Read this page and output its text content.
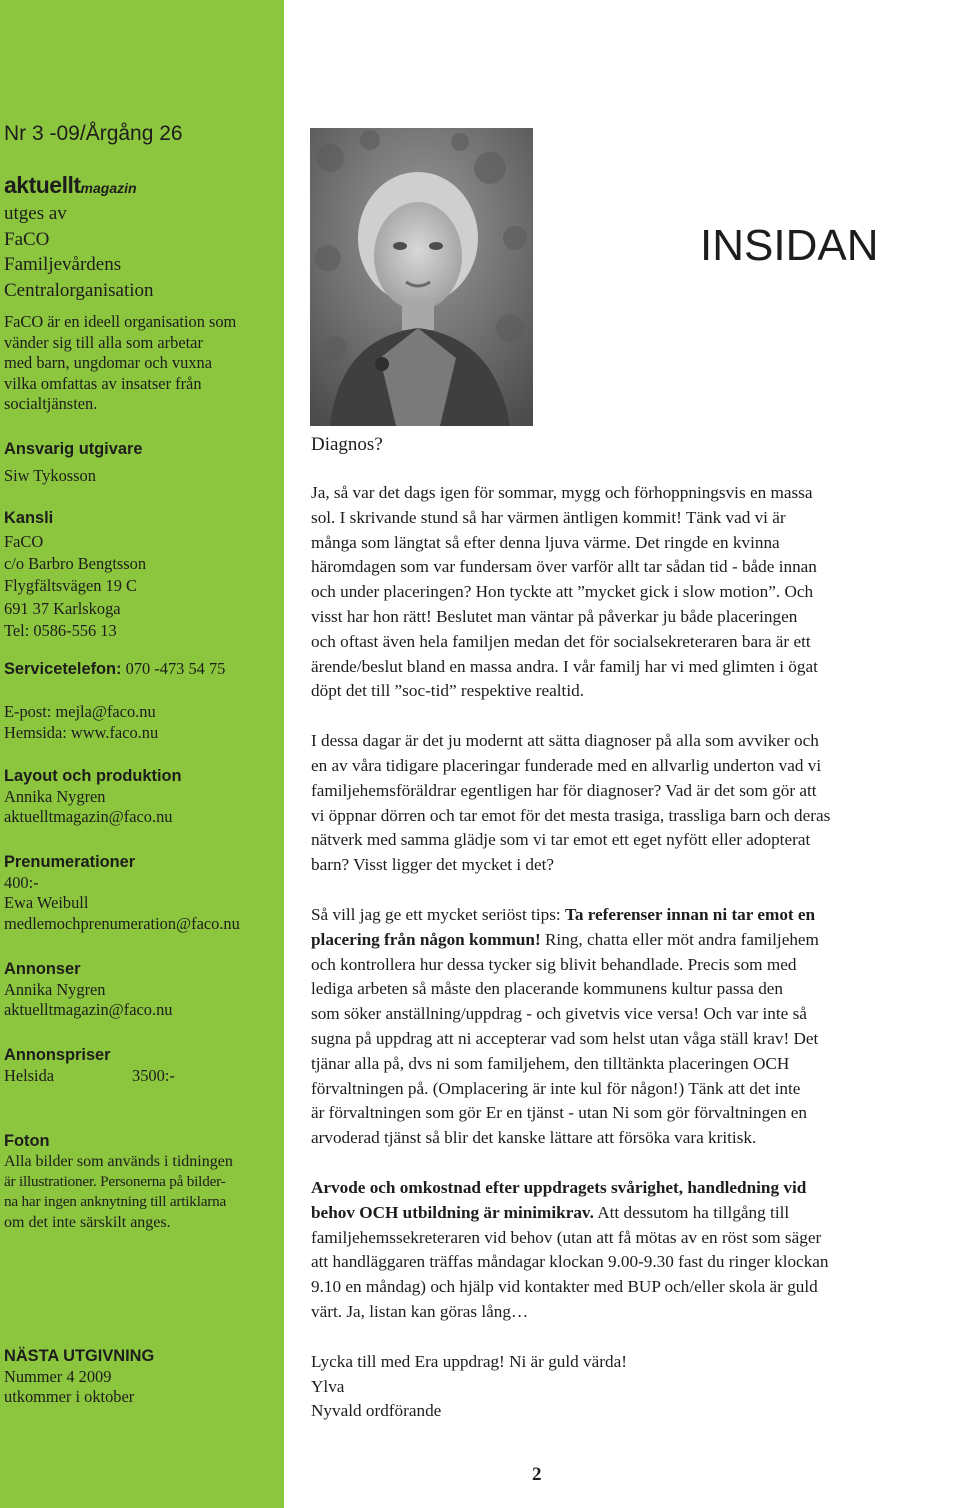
Nr 3 -09/Årgång 26
aktuelltmagazin
utges av
FaCO
Familjevårdens
Centralorganisation
FaCO är en ideell organisation som
vänder sig till alla som arbetar
med barn, ungdomar och vuxna
vilka omfattas av insatser från
socialtjänsten.
Ansvarig utgivare
Siw Tykosson
Kansli
FaCO
c/o Barbro Bengtsson
Flygfältsvägen 19 C
691 37 Karlskoga
Tel: 0586-556 13
Servicetelefon: 070 -473 54 75
E-post: mejla@faco.nu
Hemsida: www.faco.nu
Layout och produktion
Annika Nygren
aktuelltmagazin@faco.nu
Prenumerationer
400:-
Ewa Weibull
medlemochprenumeration@faco.nu
Annonser
Annika Nygren
aktuelltmagazin@faco.nu
Annonspriser
Helsida	3500:-
Foton
Alla bilder som används i tidningen
är illustrationer. Personerna på bilder-
na har ingen anknytning till artiklarna
om det inte särskilt anges.
NÄSTA UTGIVNING
Nummer 4 2009
utkommer i oktober
INSIDAN
Diagnos?
Ja, så var det dags igen för sommar, mygg och förhoppningsvis en massa
sol. I skrivande stund så har värmen äntligen kommit! Tänk vad vi är
många som längtat så efter denna ljuva värme. Det ringde en kvinna
häromdagen som var fundersam över varför allt tar sådan tid - både innan
och under placeringen? Hon tyckte att ”mycket gick i slow motion”. Och
visst har hon rätt! Beslutet man väntar på påverkar ju både placeringen
och oftast även hela familjen medan det för socialsekreteraren bara är ett
ärende/beslut bland en massa andra. I vår familj har vi med glimten i ögat
döpt det till ”soc-tid” respektive realtid.
I dessa dagar är det ju modernt att sätta diagnoser på alla som avviker och
en av våra tidigare placeringar funderade med en allvarlig underton vad vi
familjehemsföräldrar egentligen har för diagnoser? Vad är det som gör att
vi öppnar dörren och tar emot för det mesta trasiga, trassliga barn och deras
nätverk med samma glädje som vi tar emot ett eget nyfött eller adopterat
barn? Visst ligger det mycket i det?
Så vill jag ge ett mycket seriöst tips: Ta referenser innan ni tar emot en
placering från någon kommun! Ring, chatta eller möt andra familjehem
och kontrollera hur dessa tycker sig blivit behandlade. Precis som med
lediga arbeten så måste den placerande kommunens kultur passa den
som söker anställning/uppdrag - och givetvis vice versa! Och var inte så
sugna på uppdrag att ni accepterar vad som helst utan våga ställ krav! Det
tjänar alla på, dvs ni som familjehem, den tilltänkta placeringen OCH
förvaltningen på. (Omplacering är inte kul för någon!) Tänk att det inte
är förvaltningen som gör Er en tjänst - utan Ni som gör förvaltningen en
arvoderad tjänst så blir det kanske lättare att försöka vara kritisk.
Arvode och omkostnad efter uppdragets svårighet, handledning vid
behov OCH utbildning är minimikrav. Att dessutom ha tillgång till
familjehemssekreteraren vid behov (utan att få mötas av en röst som säger
att handläggaren träffas måndagar klockan 9.00-9.30 fast du ringer klockan
9.10 en måndag) och hjälp vid kontakter med BUP och/eller skola är guld
värt. Ja, listan kan göras lång…
Lycka till med Era uppdrag! Ni är guld värda!
Ylva
Nyvald ordförande
2
